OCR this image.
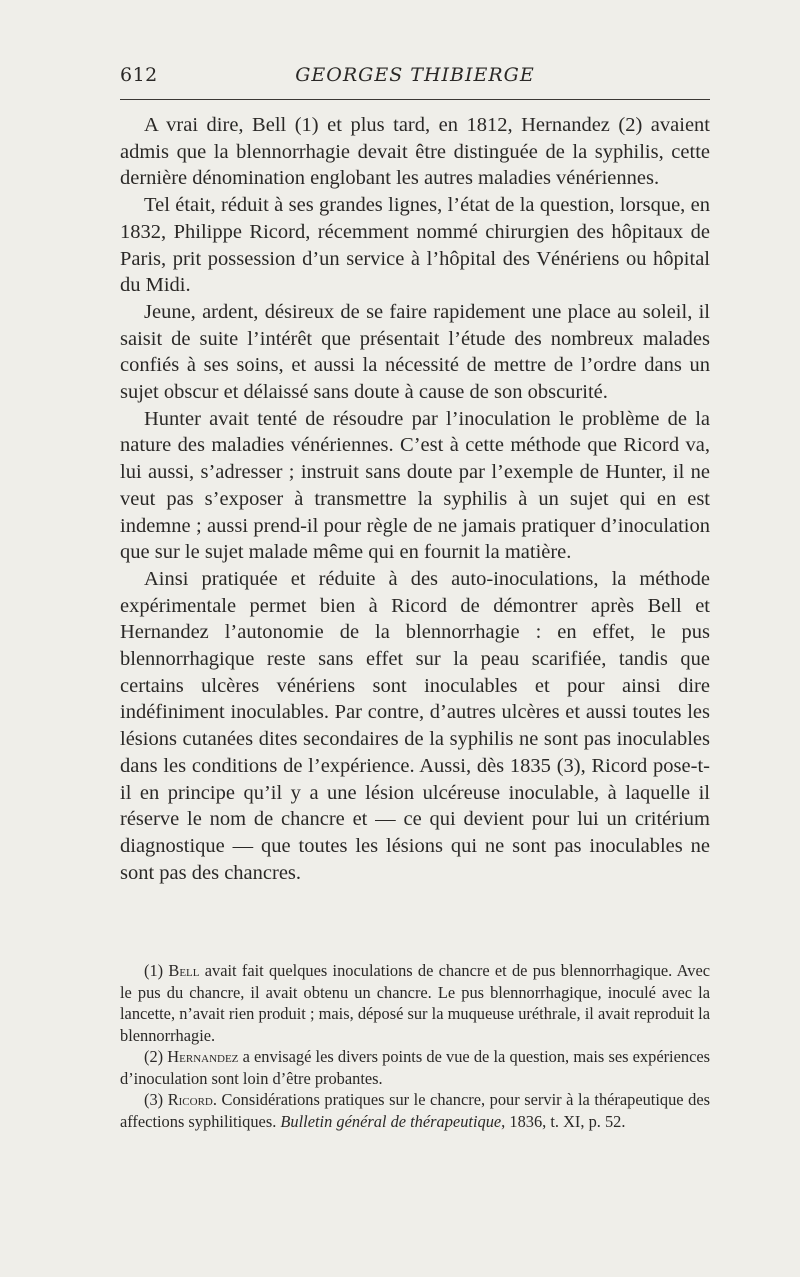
612	GEORGES THIBIERGE

A vrai dire, Bell (1) et plus tard, en 1812, Hernandez (2) avaient admis que la blennorrhagie devait être distinguée de la syphilis, cette dernière dénomination englobant les autres maladies vénériennes.

Tel était, réduit à ses grandes lignes, l’état de la question, lorsque, en 1832, Philippe Ricord, récemment nommé chirurgien des hôpitaux de Paris, prit possession d’un service à l’hôpital des Vénériens ou hôpital du Midi.

Jeune, ardent, désireux de se faire rapidement une place au soleil, il saisit de suite l’intérêt que présentait l’étude des nombreux malades confiés à ses soins, et aussi la nécessité de mettre de l’ordre dans un sujet obscur et délaissé sans doute à cause de son obscurité.

Hunter avait tenté de résoudre par l’inoculation le problème de la nature des maladies vénériennes. C’est à cette méthode que Ricord va, lui aussi, s’adresser ; instruit sans doute par l’exemple de Hunter, il ne veut pas s’exposer à transmettre la syphilis à un sujet qui en est indemne ; aussi prend-il pour règle de ne jamais pratiquer d’inoculation que sur le sujet malade même qui en fournit la matière.

Ainsi pratiquée et réduite à des auto-inoculations, la méthode expérimentale permet bien à Ricord de démontrer après Bell et Hernandez l’autonomie de la blennorrhagie : en effet, le pus blennorrhagique reste sans effet sur la peau scarifiée, tandis que certains ulcères vénériens sont inoculables et pour ainsi dire indéfiniment inoculables. Par contre, d’autres ulcères et aussi toutes les lésions cutanées dites secondaires de la syphilis ne sont pas inoculables dans les conditions de l’expérience. Aussi, dès 1835 (3), Ricord pose-t-il en principe qu’il y a une lésion ulcéreuse inoculable, à laquelle il réserve le nom de chancre et — ce qui devient pour lui un critérium diagnostique — que toutes les lésions qui ne sont pas inoculables ne sont pas des chancres.

(1) Bell avait fait quelques inoculations de chancre et de pus blennorrhagique. Avec le pus du chancre, il avait obtenu un chancre. Le pus blennorrhagique, inoculé avec la lancette, n’avait rien produit ; mais, déposé sur la muqueuse uréthrale, il avait reproduit la blennorrhagie.

(2) Hernandez a envisagé les divers points de vue de la question, mais ses expériences d’inoculation sont loin d’être probantes.

(3) Ricord. Considérations pratiques sur le chancre, pour servir à la thérapeutique des affections syphilitiques. Bulletin général de thérapeutique, 1836, t. XI, p. 52.
